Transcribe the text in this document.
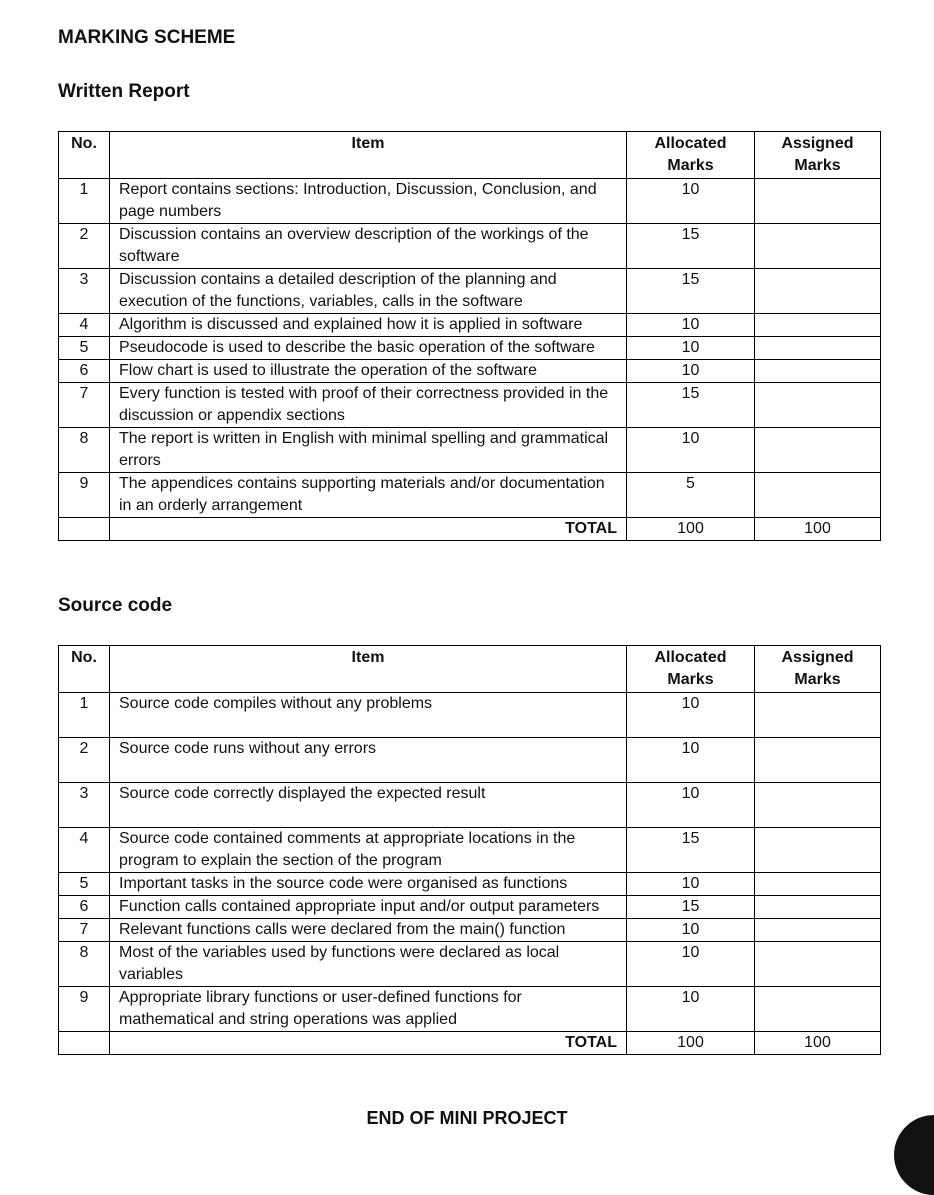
MARKING SCHEME
Written Report
No.	Item	Allocated Marks	Assigned Marks
1	Report contains sections: Introduction, Discussion, Conclusion, and page numbers	10	
2	Discussion contains an overview description of the workings of the software	15	
3	Discussion contains a detailed description of the planning and execution of the functions, variables, calls in the software	15	
4	Algorithm is discussed and explained how it is applied in software	10	
5	Pseudocode is used to describe the basic operation of the software	10	
6	Flow chart is used to illustrate the operation of the software	10	
7	Every function is tested with proof of their correctness provided in the discussion or appendix sections	15	
8	The report is written in English with minimal spelling and grammatical errors	10	
9	The appendices contains supporting materials and/or documentation in an orderly arrangement	5	
	TOTAL	100	100
Source code
No.	Item	Allocated Marks	Assigned Marks
1	Source code compiles without any problems	10	
2	Source code runs without any errors	10	
3	Source code correctly displayed the expected result	10	
4	Source code contained comments at appropriate locations in the program to explain the section of the program	15	
5	Important tasks in the source code were organised as functions	10	
6	Function calls contained appropriate input and/or output parameters	15	
7	Relevant functions calls were declared from the main() function	10	
8	Most of the variables used by functions were declared as local variables	10	
9	Appropriate library functions or user-defined functions for mathematical and string operations was applied	10	
	TOTAL	100	100
END OF MINI PROJECT
